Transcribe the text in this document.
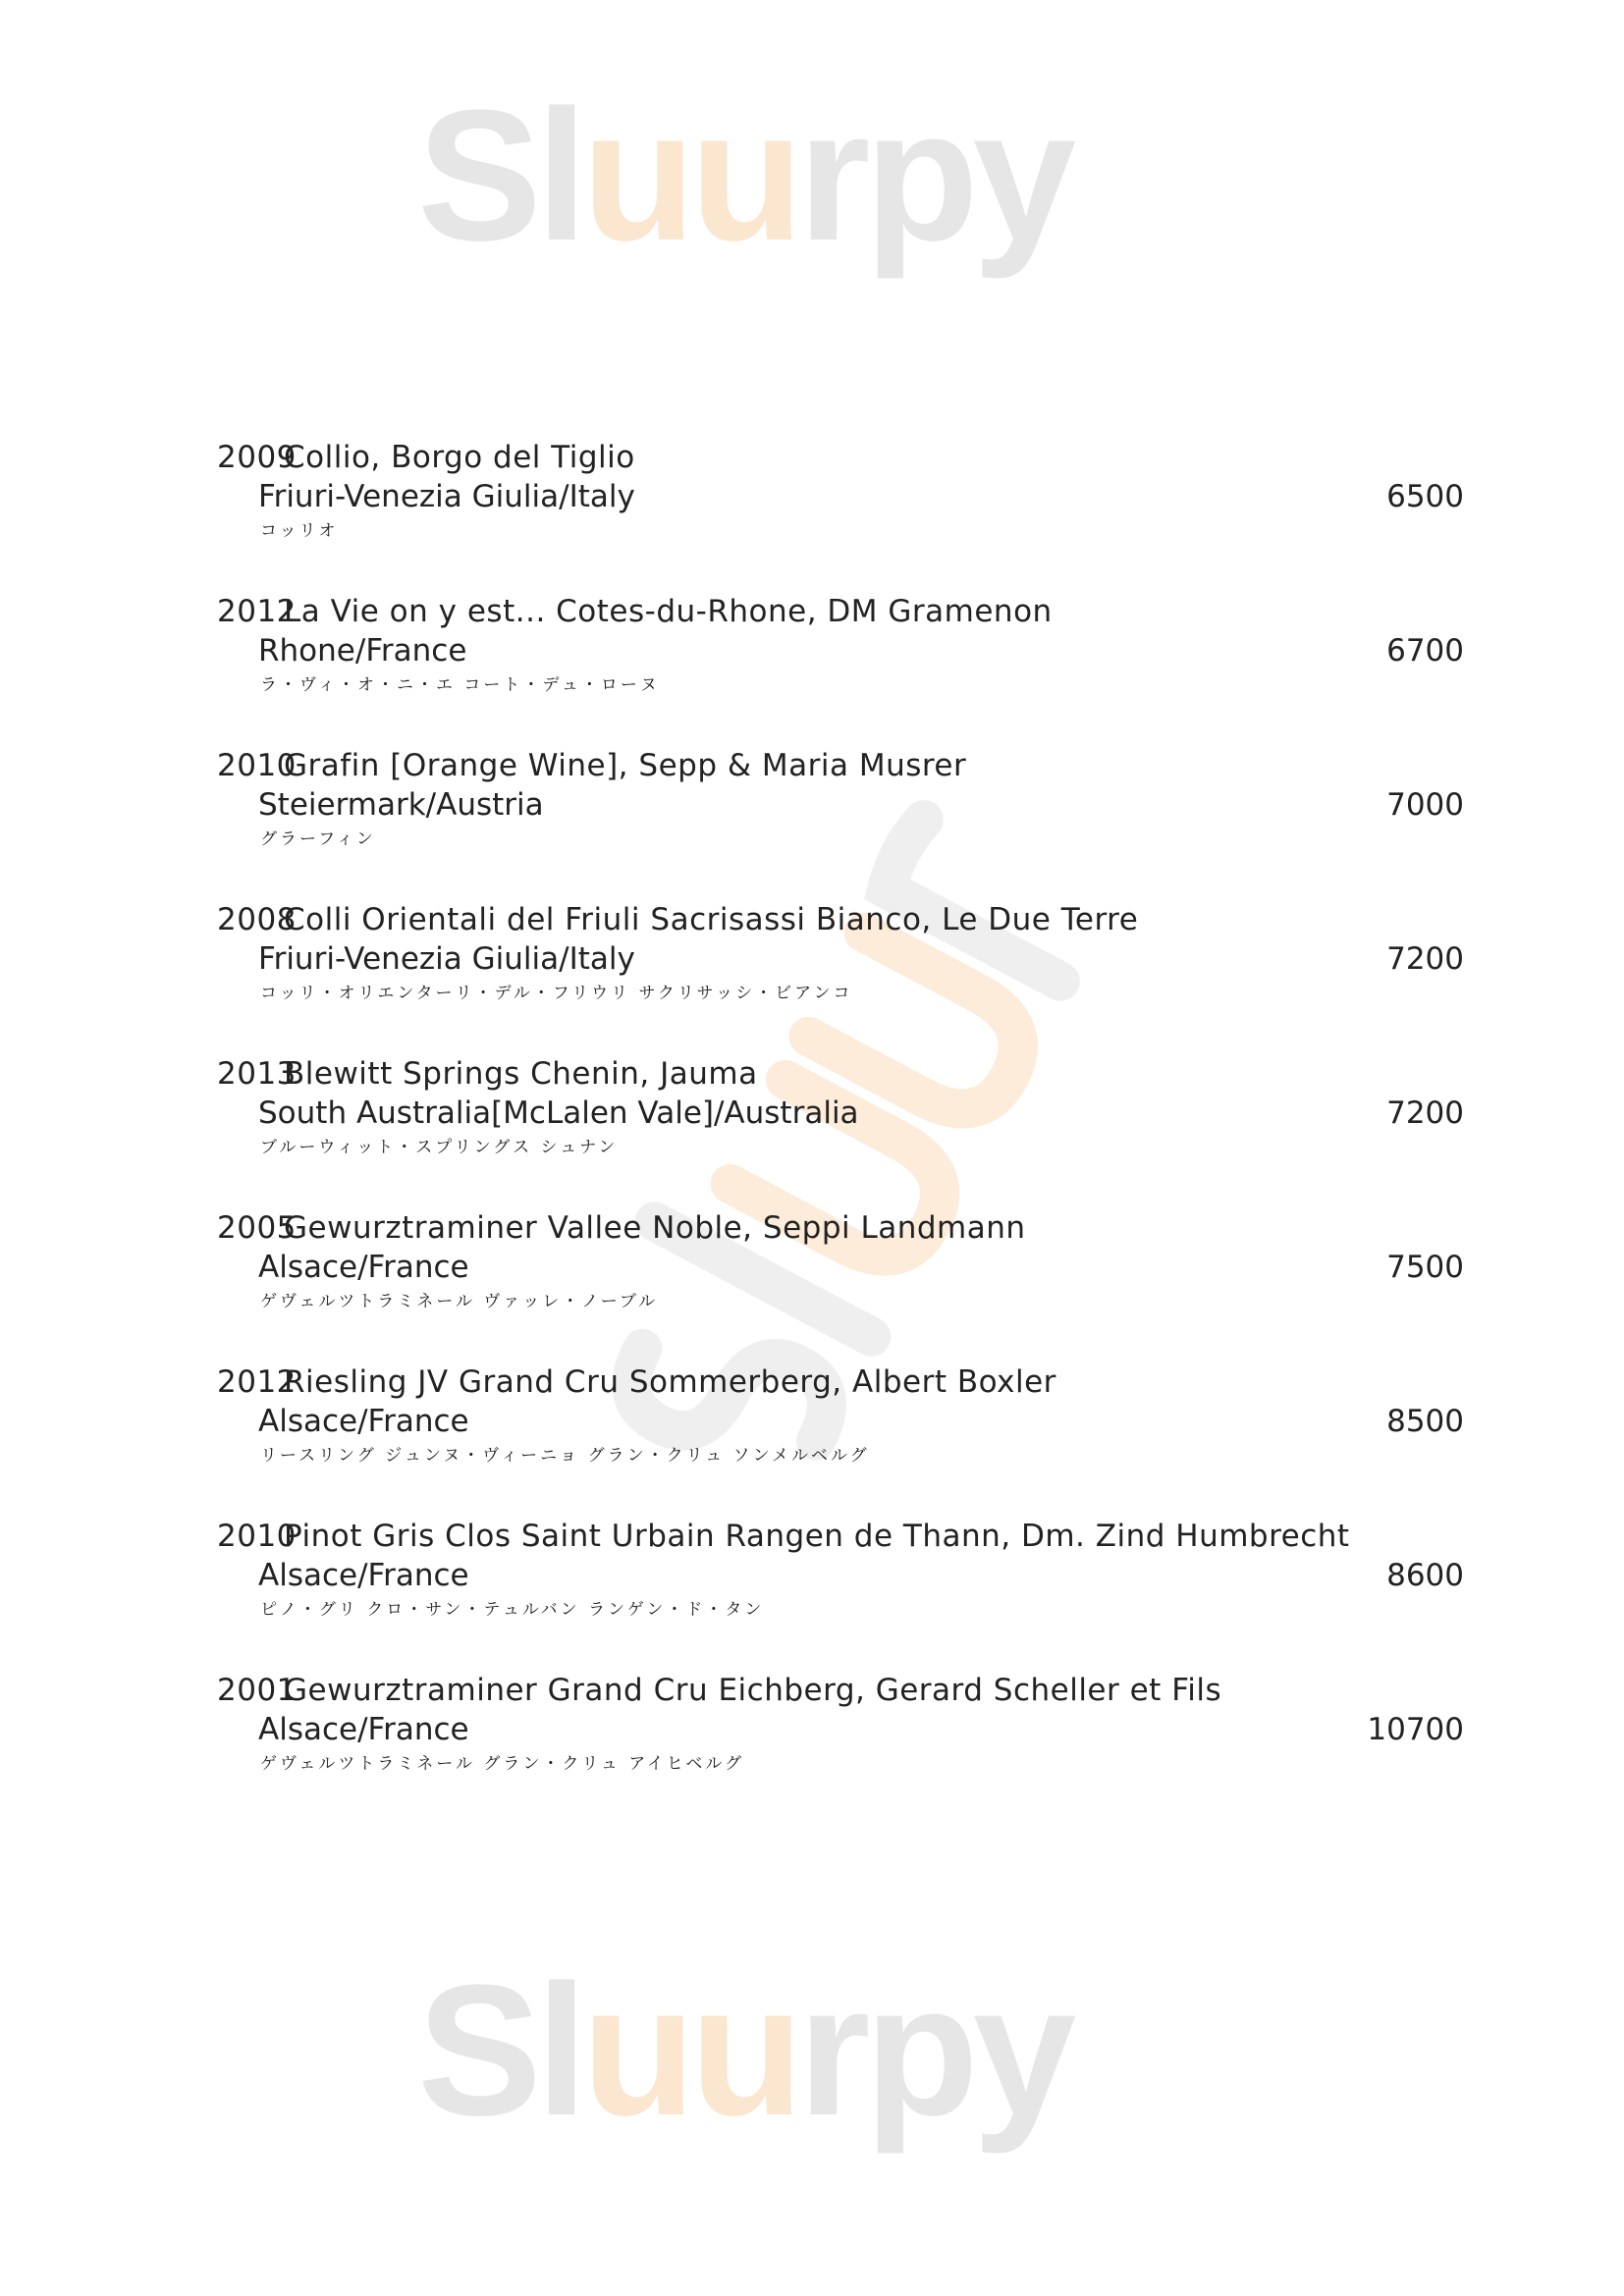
Sluurpy
Sluurpy
2009Collio, Borgo del Tiglio
Friuri-Venezia Giulia/Italy
コッリオ
6500
2012La Vie on y est... Cotes-du-Rhone, DM Gramenon
Rhone/France
ラ・ヴィ・オ・ニ・エ コート・デュ・ローヌ
6700
2010Grafin [Orange Wine], Sepp & Maria Musrer
Steiermark/Austria
グラーフィン
7000
2008Colli Orientali del Friuli Sacrisassi Bianco, Le Due Terre
Friuri-Venezia Giulia/Italy
コッリ・オリエンターリ・デル・フリウリ サクリサッシ・ビアンコ
7200
2013Blewitt Springs Chenin, Jauma
South Australia[McLalen Vale]/Australia
ブルーウィット・スプリングス シュナン
7200
2005Gewurztraminer Vallee Noble, Seppi Landmann
Alsace/France
ゲヴェルツトラミネール ヴァッレ・ノーブル
7500
2012Riesling JV Grand Cru Sommerberg, Albert Boxler
Alsace/France
リースリング ジュンヌ・ヴィーニョ グラン・クリュ ソンメルベルグ
8500
2010Pinot Gris Clos Saint Urbain Rangen de Thann, Dm. Zind Humbrecht
Alsace/France
ピノ・グリ クロ・サン・テュルバン ランゲン・ド・タン
8600
2001Gewurztraminer Grand Cru Eichberg, Gerard Scheller et Fils
Alsace/France
ゲヴェルツトラミネール グラン・クリュ アイヒベルグ
10700
